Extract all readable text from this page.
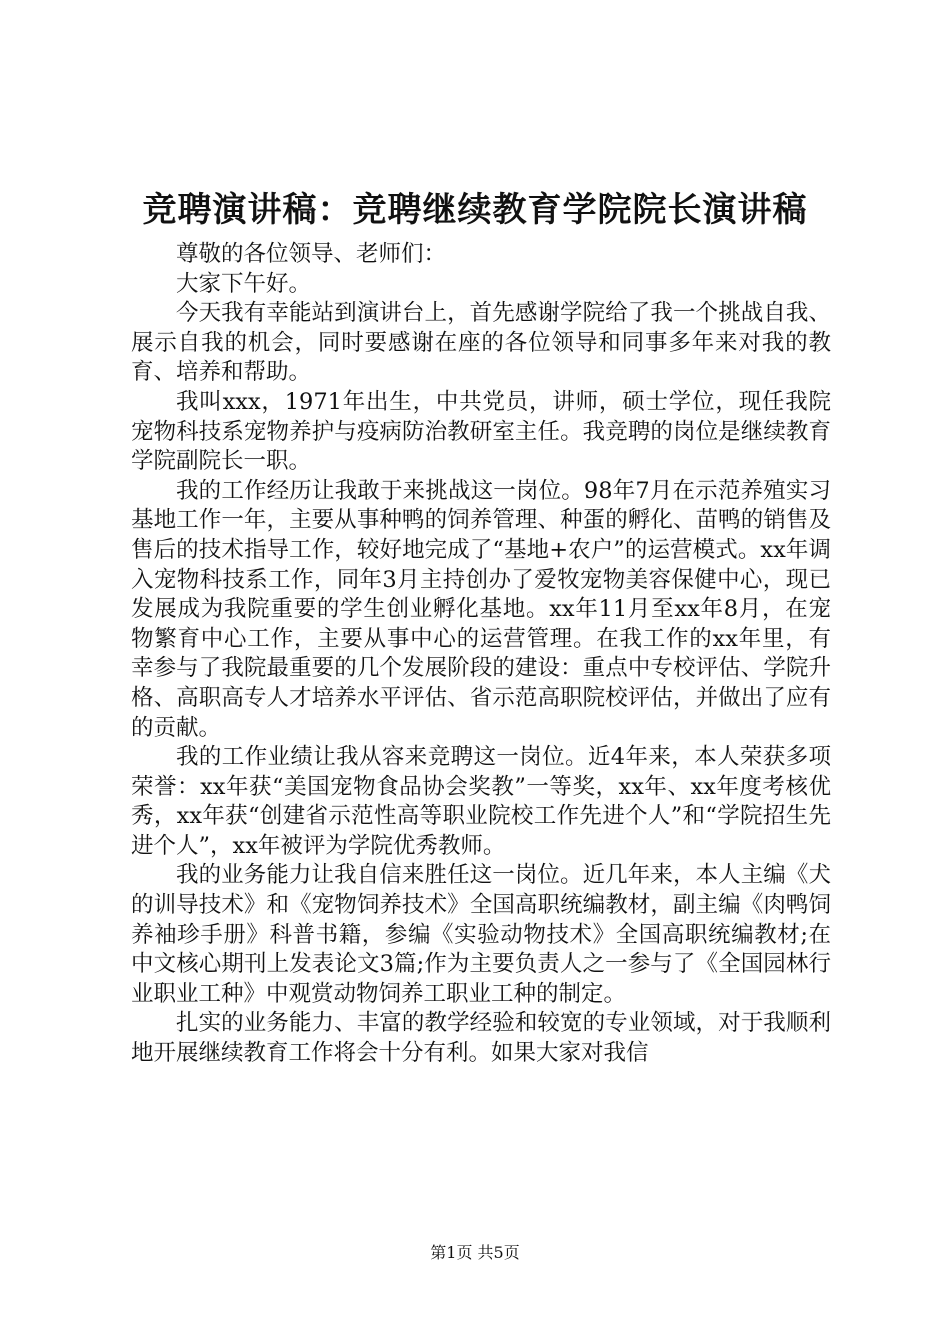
竞聘演讲稿：竞聘继续教育学院院长演讲稿

尊敬的各位领导、老师们：

大家下午好。

今天我有幸能站到演讲台上，首先感谢学院给了我一个挑战自我、展示自我的机会，同时要感谢在座的各位领导和同事多年来对我的教育、培养和帮助。

我叫xxx，1971年出生，中共党员，讲师，硕士学位，现任我院宠物科技系宠物养护与疫病防治教研室主任。我竞聘的岗位是继续教育学院副院长一职。

我的工作经历让我敢于来挑战这一岗位。98年7月在示范养殖实习基地工作一年，主要从事种鸭的饲养管理、种蛋的孵化、苗鸭的销售及售后的技术指导工作，较好地完成了“基地+农户”的运营模式。xx年调入宠物科技系工作，同年3月主持创办了爱牧宠物美容保健中心，现已发展成为我院重要的学生创业孵化基地。xx年11月至xx年8月，在宠物繁育中心工作，主要从事中心的运营管理。在我工作的xx年里，有幸参与了我院最重要的几个发展阶段的建设：重点中专校评估、学院升格、高职高专人才培养水平评估、省示范高职院校评估，并做出了应有的贡献。

我的工作业绩让我从容来竞聘这一岗位。近4年来，本人荣获多项荣誉：xx年获“美国宠物食品协会奖教”一等奖，xx年、xx年度考核优秀，xx年获“创建省示范性高等职业院校工作先进个人”和“学院招生先进个人”，xx年被评为学院优秀教师。

我的业务能力让我自信来胜任这一岗位。近几年来，本人主编《犬的训导技术》和《宠物饲养技术》全国高职统编教材，副主编《肉鸭饲养袖珍手册》科普书籍，参编《实验动物技术》全国高职统编教材;在中文核心期刊上发表论文3篇;作为主要负责人之一参与了《全国园林行业职业工种》中观赏动物饲养工职业工种的制定。

扎实的业务能力、丰富的教学经验和较宽的专业领域，对于我顺利地开展继续教育工作将会十分有利。如果大家对我信

第1页 共5页
